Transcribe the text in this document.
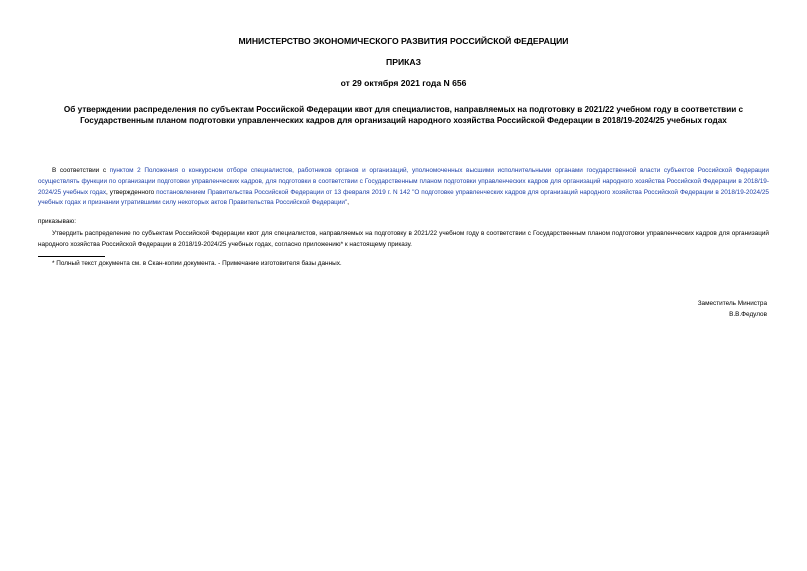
МИНИСТЕРСТВО ЭКОНОМИЧЕСКОГО РАЗВИТИЯ РОССИЙСКОЙ ФЕДЕРАЦИИ
ПРИКАЗ
от 29 октября 2021 года N 656
Об утверждении распределения по субъектам Российской Федерации квот для специалистов, направляемых на подготовку в 2021/22 учебном году в соответствии с Государственным планом подготовки управленческих кадров для организаций народного хозяйства Российской Федерации в 2018/19-2024/25 учебных годах
В соответствии с пунктом 2 Положения о конкурсном отборе специалистов, работников органов и организаций, уполномоченных высшими исполнительными органами государственной власти субъектов Российской Федерации осуществлять функции по организации подготовки управленческих кадров, для подготовки в соответствии с Государственным планом подготовки управленческих кадров для организаций народного хозяйства Российской Федерации в 2018/19-2024/25 учебных годах, утвержденного постановлением Правительства Российской Федерации от 13 февраля 2019 г. N 142 "О подготовке управленческих кадров для организаций народного хозяйства Российской Федерации в 2018/19-2024/25 учебных годах и признании утратившими силу некоторых актов Правительства Российской Федерации",
приказываю:
Утвердить распределение по субъектам Российской Федерации квот для специалистов, направляемых на подготовку в 2021/22 учебном году в соответствии с Государственным планом подготовки управленческих кадров для организаций народного хозяйства Российской Федерации в 2018/19-2024/25 учебных годах, согласно приложению* к настоящему приказу.
* Полный текст документа см. в Скан-копии документа. - Примечание изготовителя базы данных.
Заместитель Министра
В.В.Федулов
